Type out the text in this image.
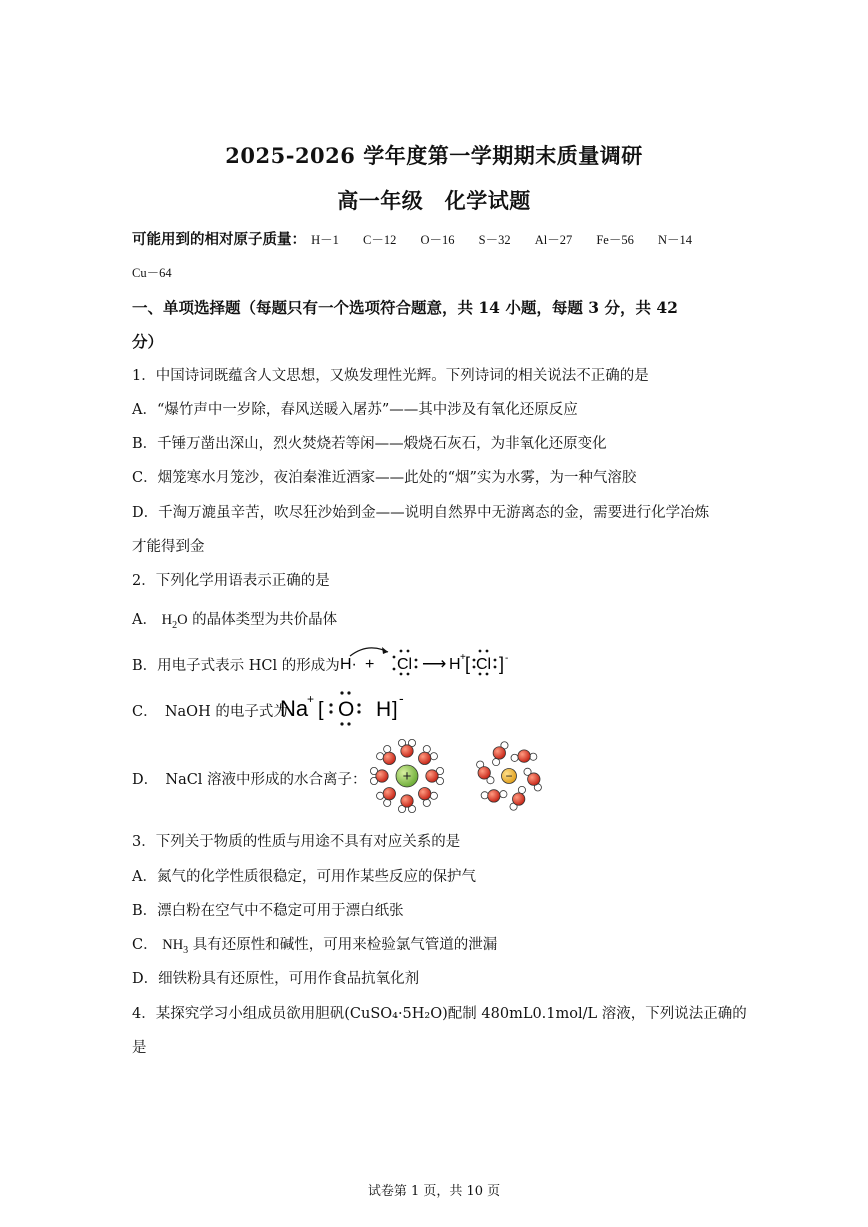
2025-2026 学年度第一学期期末质量调研
高一年级　化学试题
可能用到的相对原子质量： H－1 C－12 O－16 S－32 Al－27 Fe－56 N－14
Cu－64
一、单项选择题（每题只有一个选项符合题意，共 14 小题，每题 3 分，共 42
分）
1．中国诗词既蕴含人文思想，又焕发理性光辉。下列诗词的相关说法不正确的是
A．“爆竹声中一岁除，春风送暖入屠苏”——其中涉及有氧化还原反应
B．千锤万凿出深山，烈火焚烧若等闲——煅烧石灰石，为非氧化还原变化
C．烟笼寒水月笼沙，夜泊秦淮近酒家——此处的“烟”实为水雾，为一种气溶胶
D．千淘万漉虽辛苦，吹尽狂沙始到金——说明自然界中无游离态的金，需要进行化学冶炼
才能得到金
2．下列化学用语表示正确的是
A． $H_2O$ 的晶体类型为共价晶体
B．用电子式表示 HCl 的形成为 H· + Cl ⟶ H + [ Cl ] -
C．　NaOH 的电子式为
Na
+ [ O H ]
-
D．　NaCl 溶液中形成的水合离子： +	−
3．下列关于物质的性质与用途不具有对应关系的是
A．氮气的化学性质很稳定，可用作某些反应的保护气
B．漂白粉在空气中不稳定可用于漂白纸张
C． $NH_3$ 具有还原性和碱性，可用来检验氯气管道的泄漏
D．细铁粉具有还原性，可用作食品抗氧化剂
4．某探究学习小组成员欲用胆矾(CuSO₄·5H₂O)配制 480mL0.1mol/L 溶液，下列说法正确的
是
试卷第 1 页，共 10 页
